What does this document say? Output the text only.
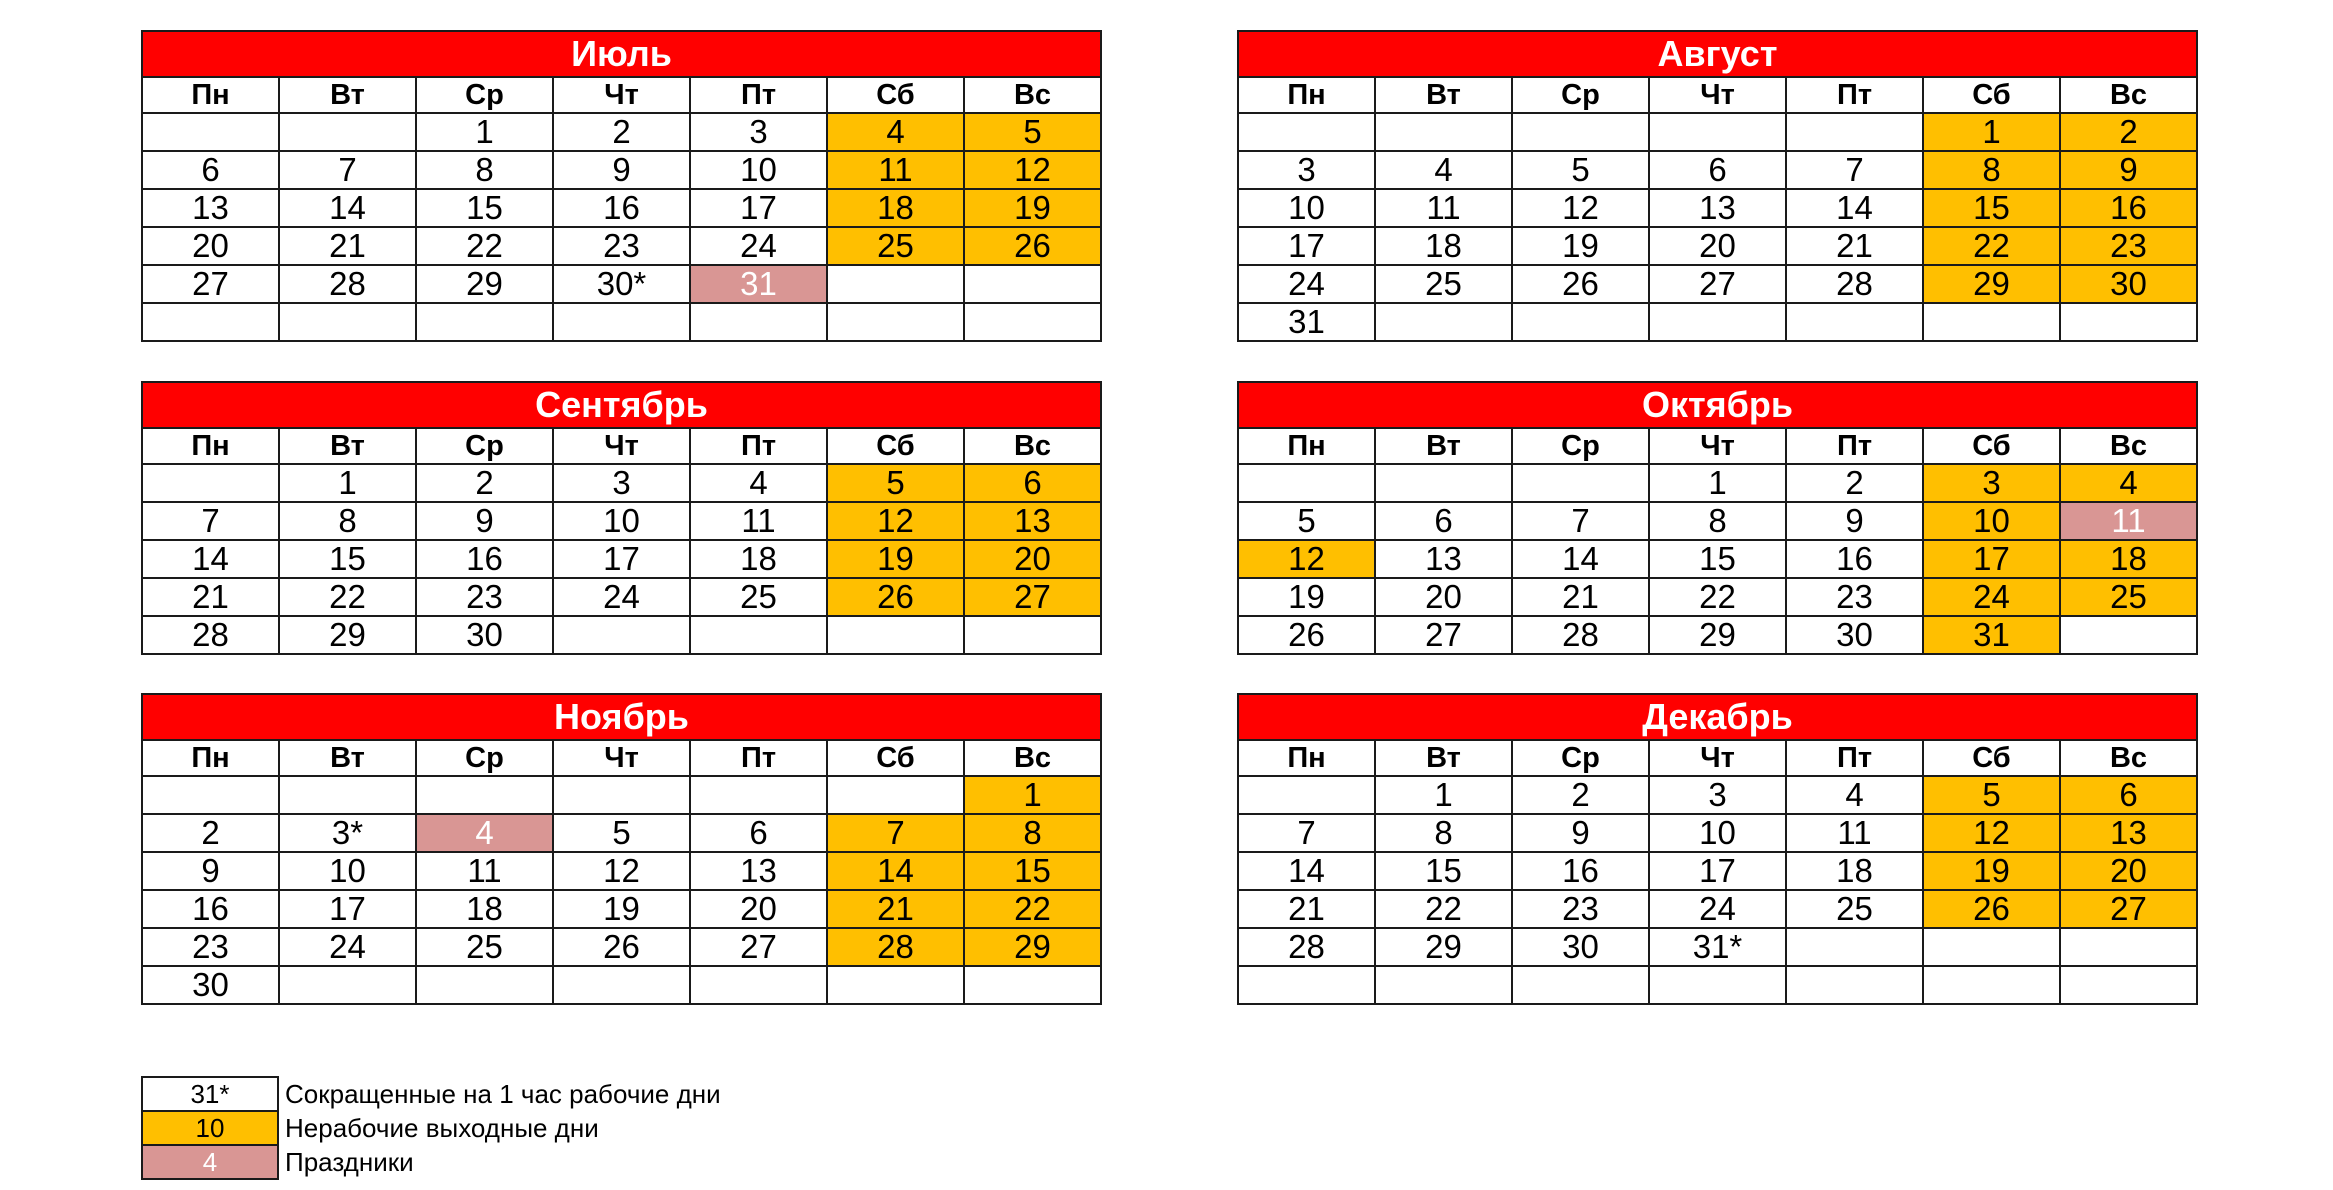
Июль						
Пн	Вт	Ср	Чт	Пт	Сб	Вс
		1	2	3	4	5
6	7	8	9	10	11	12
13	14	15	16	17	18	19
20	21	22	23	24	25	26
27	28	29	30*	31		

Август						
Пн	Вт	Ср	Чт	Пт	Сб	Вс
					1	2
3	4	5	6	7	8	9
10	11	12	13	14	15	16
17	18	19	20	21	22	23
24	25	26	27	28	29	30
31						
Сентябрь						
Пн	Вт	Ср	Чт	Пт	Сб	Вс
	1	2	3	4	5	6
7	8	9	10	11	12	13
14	15	16	17	18	19	20
21	22	23	24	25	26	27
28	29	30				
Октябрь						
Пн	Вт	Ср	Чт	Пт	Сб	Вс
			1	2	3	4
5	6	7	8	9	10	11
12	13	14	15	16	17	18
19	20	21	22	23	24	25
26	27	28	29	30	31	
Ноябрь						
Пн	Вт	Ср	Чт	Пт	Сб	Вс
						1
2	3*	4	5	6	7	8
9	10	11	12	13	14	15
16	17	18	19	20	21	22
23	24	25	26	27	28	29
30						
Декабрь						
Пн	Вт	Ср	Чт	Пт	Сб	Вс
	1	2	3	4	5	6
7	8	9	10	11	12	13
14	15	16	17	18	19	20
21	22	23	24	25	26	27
28	29	30	31*			

31*	Сокращенные на 1 час рабочие дни
10	Нерабочие выходные дни
4	Праздники
